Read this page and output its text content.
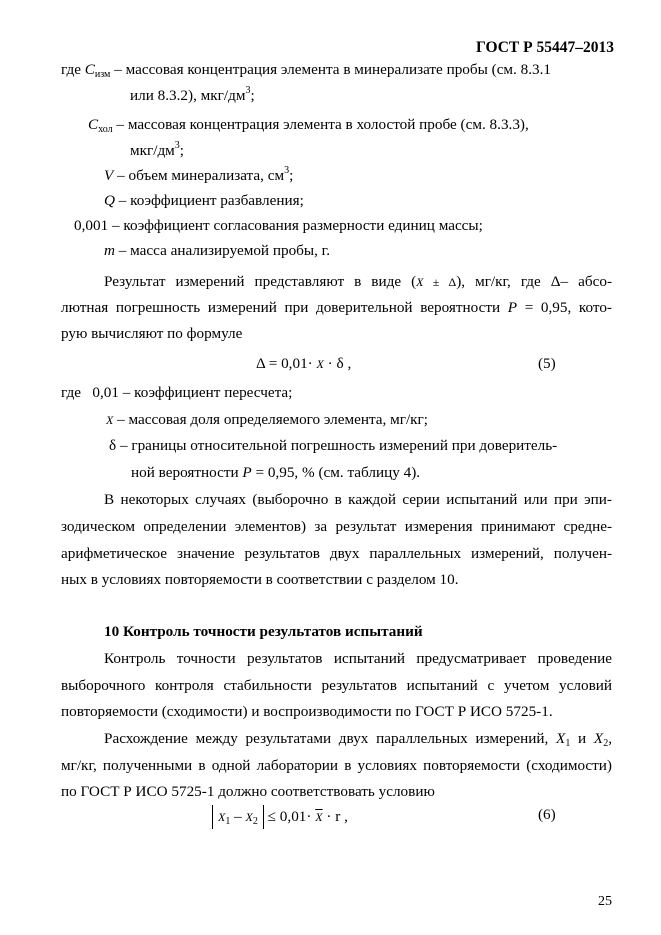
ГОСТ Р 55447–2013
где $C_{изм}$ – массовая концентрация элемента в минерализате пробы (см. 8.3.1
или 8.3.2), мкг/$дм^3$;
$C_{хол}$ – массовая концентрация элемента в холостой пробе (см. 8.3.3),
мкг/$дм^3$;
V – объем минерализата, $см^3$;
Q – коэффициент разбавления;
0,001 – коэффициент согласования размерности единиц массы;
m – масса анализируемой пробы, г.
Результат измерений представляют в виде (X ± Δ), мг/кг, где Δ– абсо-
лютная погрешность измерений при доверительной вероятности P = 0,95, кото-
рую вычисляют по формуле
Δ = 0,01· X · δ ,	(5)
где 0,01 – коэффициент пересчета;
X – массовая доля определяемого элемента, мг/кг;
δ – границы относительной погрешность измерений при доверитель-
ной вероятности P = 0,95, % (см. таблицу 4).
В некоторых случаях (выборочно в каждой серии испытаний или при эпи-
зодическом определении элементов) за результат измерения принимают средне-
арифметическое значение результатов двух параллельных измерений, получен-
ных в условиях повторяемости в соответствии с разделом 10.
10 Контроль точности результатов испытаний
Контроль точности результатов испытаний предусматривает проведение
выборочного контроля стабильности результатов испытаний с учетом условий
повторяемости (сходимости) и воспроизводимости по ГОСТ Р ИСО 5725-1.
Расхождение между результатами двух параллельных измерений, $X_1$ и $X_2$,
мг/кг, полученными в одной лаборатории в условиях повторяемости (сходимости)
по ГОСТ Р ИСО 5725-1 должно соответствовать условию
$X_1 - X_2 \le 0,01\cdot \overline{X} \cdot r$ ,	(6)
25
